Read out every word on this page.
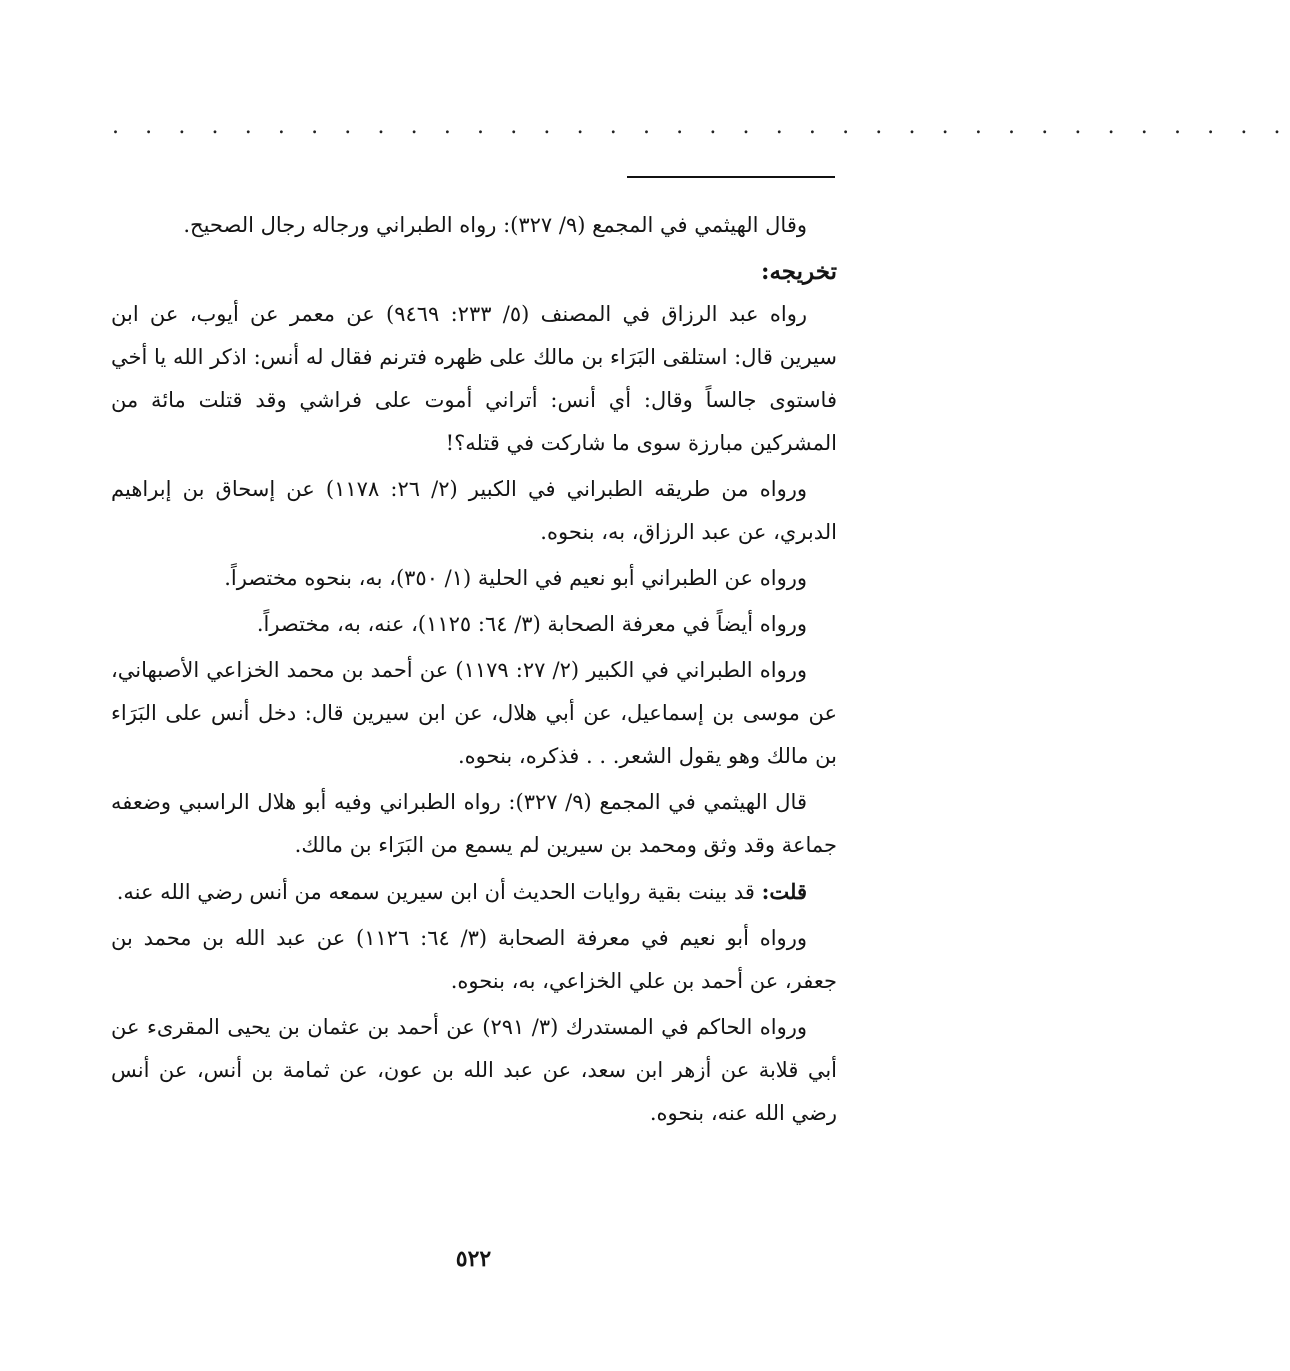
. . . . . . . . . . . . . . . . . . . . . . . . . . . . . . . . . . . .

وقال الهيثمي في المجمع (٩/ ٣٢٧): رواه الطبراني ورجاله رجال الصحيح.

تخريجه:

رواه عبد الرزاق في المصنف (٥/ ٢٣٣: ٩٤٦٩) عن معمر عن أيوب، عن ابن سيرين قال: استلقى البَرَاء بن مالك على ظهره فترنم فقال له أنس: اذكر الله يا أخي فاستوى جالساً وقال: أي أنس: أتراني أموت على فراشي وقد قتلت مائة من المشركين مبارزة سوى ما شاركت في قتله؟!

ورواه من طريقه الطبراني في الكبير (٢/ ٢٦: ١١٧٨) عن إسحاق بن إبراهيم الدبري، عن عبد الرزاق، به، بنحوه.

ورواه عن الطبراني أبو نعيم في الحلية (١/ ٣٥٠)، به، بنحوه مختصراً.

ورواه أيضاً في معرفة الصحابة (٣/ ٦٤: ١١٢٥)، عنه، به، مختصراً.

ورواه الطبراني في الكبير (٢/ ٢٧: ١١٧٩) عن أحمد بن محمد الخزاعي الأصبهاني، عن موسى بن إسماعيل، عن أبي هلال، عن ابن سيرين قال: دخل أنس على البَرَاء بن مالك وهو يقول الشعر. . . فذكره، بنحوه.

قال الهيثمي في المجمع (٩/ ٣٢٧): رواه الطبراني وفيه أبو هلال الراسبي وضعفه جماعة وقد وثق ومحمد بن سيرين لم يسمع من البَرَاء بن مالك.

قلت: قد بينت بقية روايات الحديث أن ابن سيرين سمعه من أنس رضي الله عنه.

ورواه أبو نعيم في معرفة الصحابة (٣/ ٦٤: ١١٢٦) عن عبد الله بن محمد بن جعفر، عن أحمد بن علي الخزاعي، به، بنحوه.

ورواه الحاكم في المستدرك (٣/ ٢٩١) عن أحمد بن عثمان بن يحيى المقرىء عن أبي قلابة عن أزهر ابن سعد، عن عبد الله بن عون، عن ثمامة بن أنس، عن أنس رضي الله عنه، بنحوه.

٥٢٢
